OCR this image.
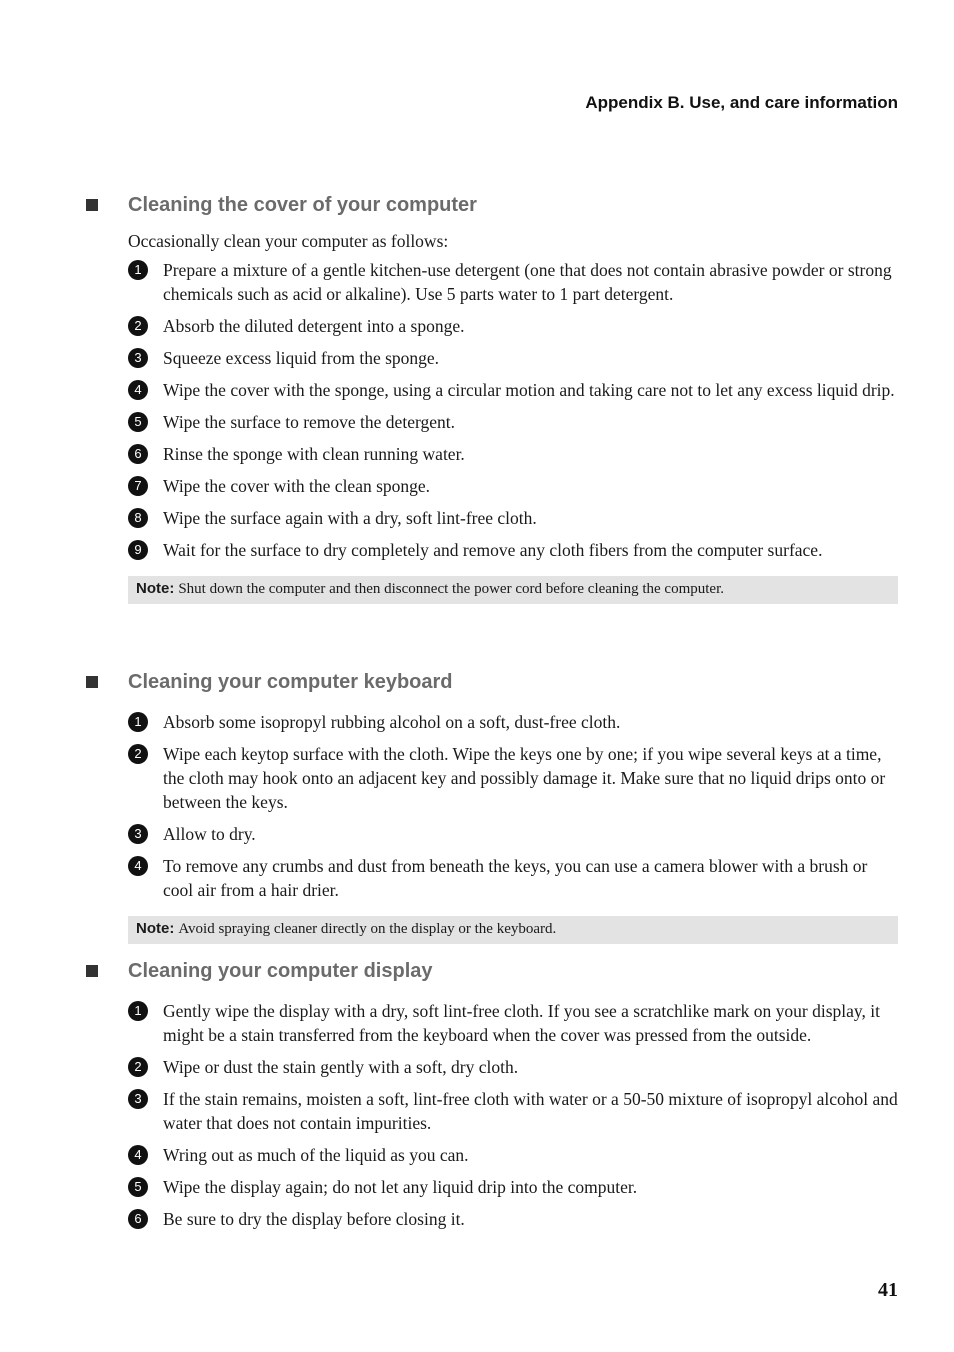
Appendix B. Use, and care information
Cleaning the cover of your computer
Occasionally clean your computer as follows:
1	Prepare a mixture of a gentle kitchen-use detergent (one that does not contain abrasive powder or strong chemicals such as acid or alkaline). Use 5 parts water to 1 part detergent.
2	Absorb the diluted detergent into a sponge.
3	Squeeze excess liquid from the sponge.
4	Wipe the cover with the sponge, using a circular motion and taking care not to let any excess liquid drip.
5	Wipe the surface to remove the detergent.
6	Rinse the sponge with clean running water.
7	Wipe the cover with the clean sponge.
8	Wipe the surface again with a dry, soft lint-free cloth.
9	Wait for the surface to dry completely and remove any cloth fibers from the computer surface.
Note: Shut down the computer and then disconnect the power cord before cleaning the computer.
Cleaning your computer keyboard
1	Absorb some isopropyl rubbing alcohol on a soft, dust-free cloth.
2	Wipe each keytop surface with the cloth. Wipe the keys one by one; if you wipe several keys at a time, the cloth may hook onto an adjacent key and possibly damage it. Make sure that no liquid drips onto or between the keys.
3	Allow to dry.
4	To remove any crumbs and dust from beneath the keys, you can use a camera blower with a brush or cool air from a hair drier.
Note: Avoid spraying cleaner directly on the display or the keyboard.
Cleaning your computer display
1	Gently wipe the display with a dry, soft lint-free cloth. If you see a scratchlike mark on your display, it might be a stain transferred from the keyboard when the cover was pressed from the outside.
2	Wipe or dust the stain gently with a soft, dry cloth.
3	If the stain remains, moisten a soft, lint-free cloth with water or a 50-50 mixture of isopropyl alcohol and water that does not contain impurities.
4	Wring out as much of the liquid as you can.
5	Wipe the display again; do not let any liquid drip into the computer.
6	Be sure to dry the display before closing it.
41
